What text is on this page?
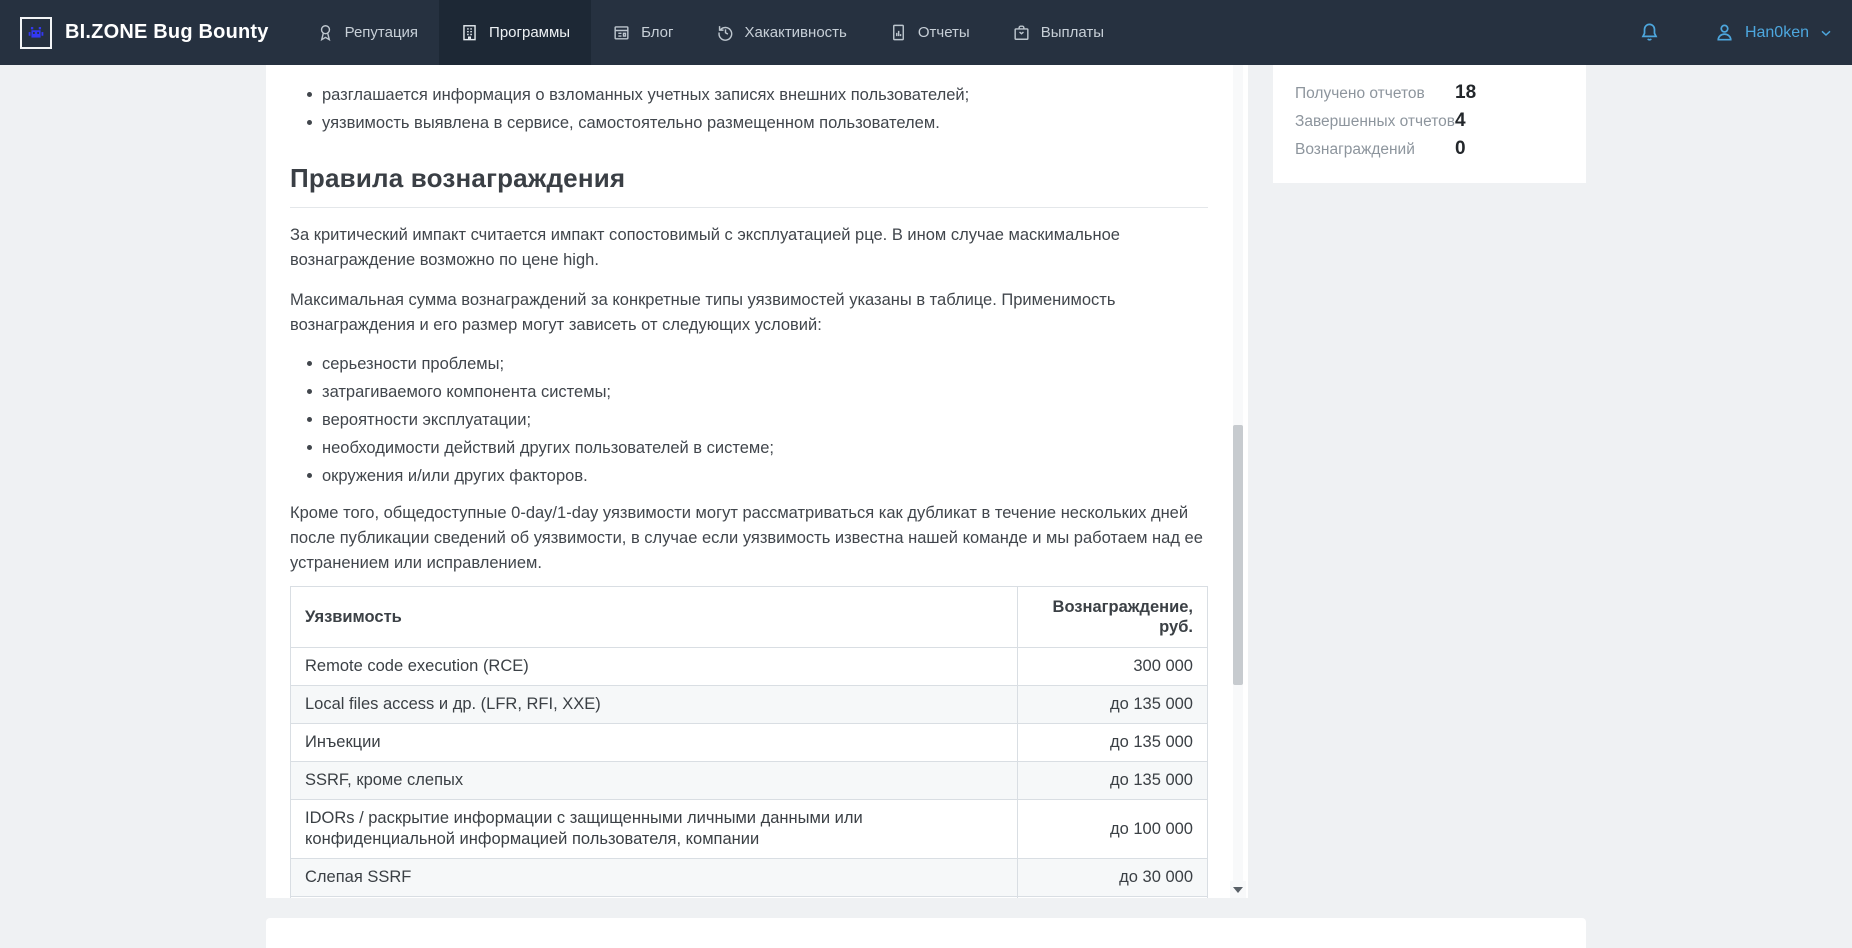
BI.ZONE Bug Bounty	Репутация	Программы	Блог	Хакактивность	Отчеты	Выплаты	Han0ken
разглашается информация о взломанных учетных записях внешних пользователей;
уязвимость выявлена в сервисе, самостоятельно размещенном пользователем.
Правила вознаграждения

За критический импакт считается импакт сопостовимый с эксплуатацией рце. В ином случае маскимальное вознаграждение возможно по цене high.

Максимальная сумма вознаграждений за конкретные типы уязвимостей указаны в таблице. Применимость вознаграждения и его размер могут зависеть от следующих условий:

серьезности проблемы;
затрагиваемого компонента системы;
вероятности эксплуатации;
необходимости действий других пользователей в системе;
окружения и/или других факторов.

Кроме того, общедоступные 0-day/1-day уязвимости могут рассматриваться как дубликат в течение нескольких дней после публикации сведений об уязвимости, в случае если уязвимость известна нашей команде и мы работаем над ее устранением или исправлением.

Уязвимость	Вознаграждение, руб.
Remote code execution (RCE)	300 000
Local files access и др. (LFR, RFI, XXE)	до 135 000
Инъекции	до 135 000
SSRF, кроме слепых	до 135 000
IDORs / раскрытие информации с защищенными личными данными или конфиденциальной информацией пользователя, компании	до 100 000
Слепая SSRF	до 30 000

Получено отчетов	18
Завершенных отчетов 4
Вознаграждений	0
